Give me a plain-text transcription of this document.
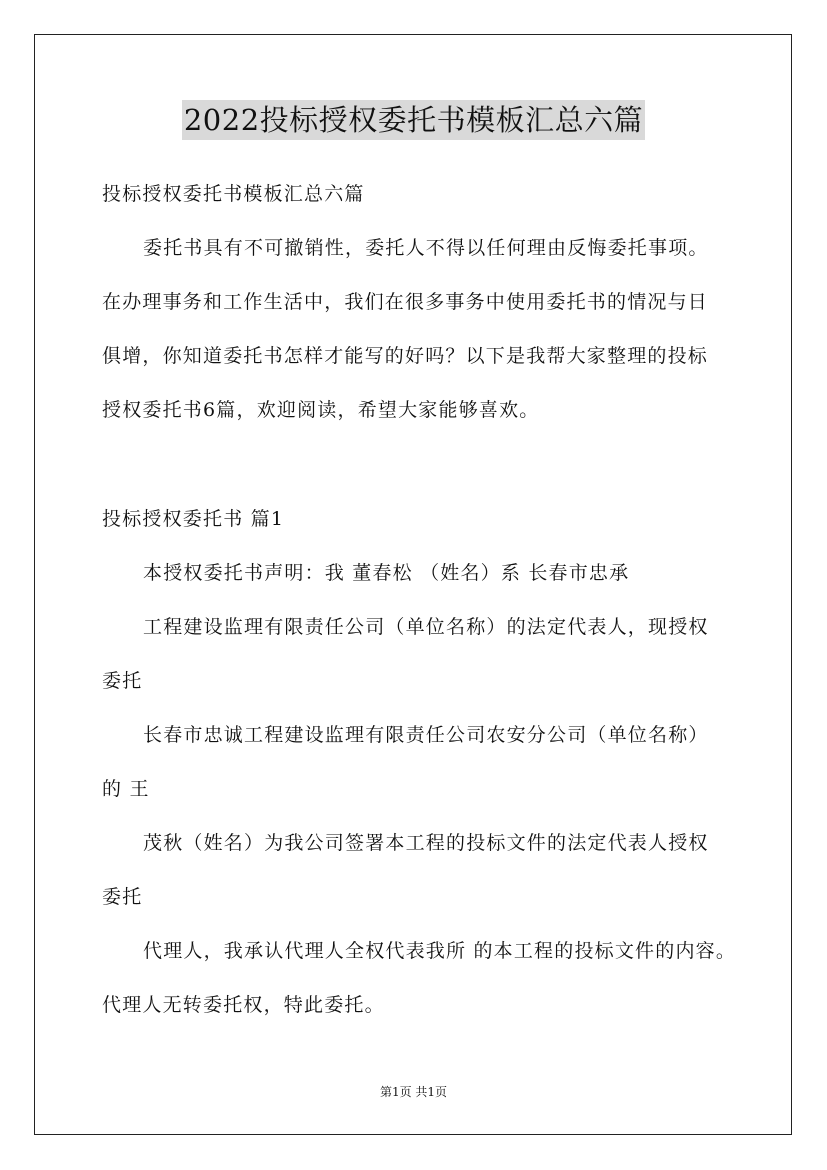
2022投标授权委托书模板汇总六篇
投标授权委托书模板汇总六篇
委托书具有不可撤销性，委托人不得以任何理由反悔委托事项。
在办理事务和工作生活中，我们在很多事务中使用委托书的情况与日
俱增，你知道委托书怎样才能写的好吗？以下是我帮大家整理的投标
授权委托书6篇，欢迎阅读，希望大家能够喜欢。
投标授权委托书 篇1
本授权委托书声明：我 董春松 （姓名）系 长春市忠承
工程建设监理有限责任公司（单位名称）的法定代表人，现授权
委托
长春市忠诚工程建设监理有限责任公司农安分公司（单位名称）
的 王
茂秋（姓名）为我公司签署本工程的投标文件的法定代表人授权
委托
代理人，我承认代理人全权代表我所 的本工程的投标文件的内容。
代理人无转委托权，特此委托。
第1页 共1页
